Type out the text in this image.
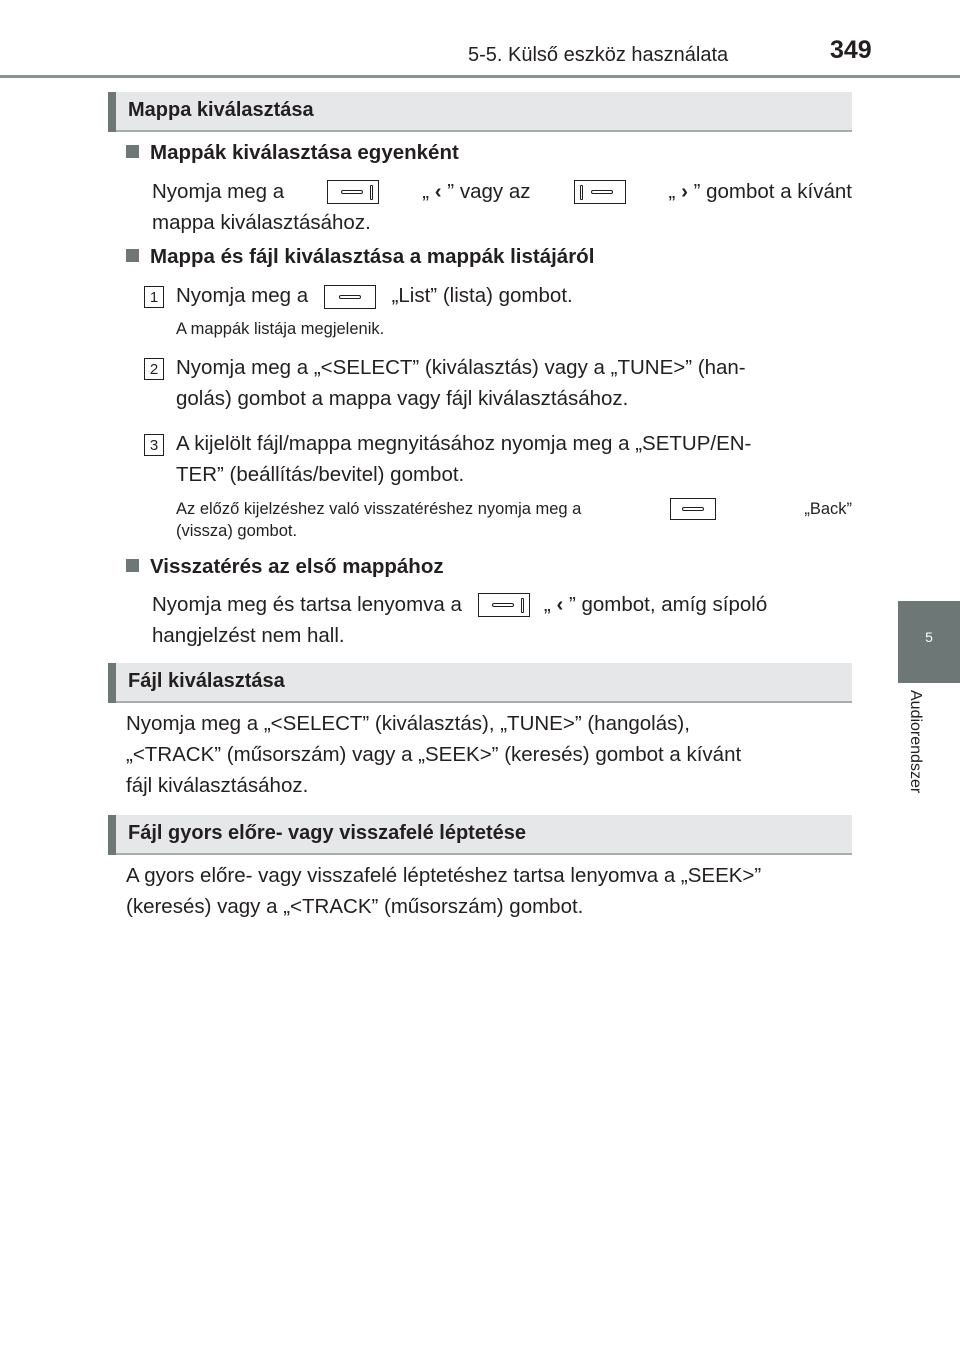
5-5. Külső eszköz használata	349
5
Audiorendszer
Mappa kiválasztása
Mappák kiválasztása egyenként
Nyomja meg a	„ ‹ ” vagy az	„ › ” gombot a kívánt
mappa kiválasztásához.
Mappa és fájl kiválasztása a mappák listájáról
1 Nyomja meg a	„List” (lista) gombot.
A mappák listája megjelenik.
2 Nyomja meg a „<SELECT” (kiválasztás) vagy a „TUNE>” (han-
golás) gombot a mappa vagy fájl kiválasztásához.
3 A kijelölt fájl/mappa megnyitásához nyomja meg a „SETUP/EN-
TER” (beállítás/bevitel) gombot.
Az előző kijelzéshez való visszatéréshez nyomja meg a	„Back”
(vissza) gombot.
Visszatérés az első mappához
Nyomja meg és tartsa lenyomva a	„ ‹ ” gombot, amíg sípoló
hangjelzést nem hall.
Fájl kiválasztása
Nyomja meg a „<SELECT” (kiválasztás), „TUNE>” (hangolás),
„<TRACK” (műsorszám) vagy a „SEEK>” (keresés) gombot a kívánt
fájl kiválasztásához.
Fájl gyors előre- vagy visszafelé léptetése
A gyors előre- vagy visszafelé léptetéshez tartsa lenyomva a „SEEK>”
(keresés) vagy a „<TRACK” (műsorszám) gombot.
